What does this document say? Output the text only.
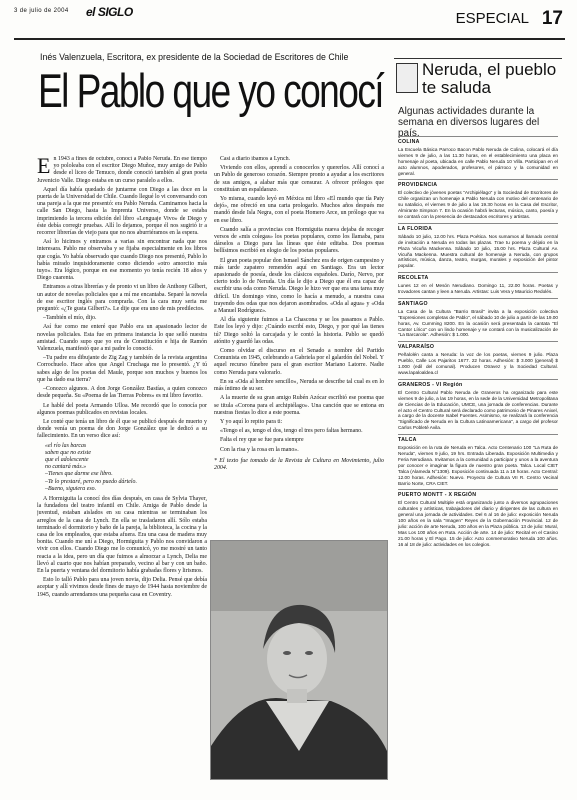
3 de julio de 2004 el SIGLO	ESPECIAL 17
Inés Valenzuela, Escritora, ex presidente de la Sociedad de Escritores de Chile
El Pablo que yo conocí

En 1943 a fines de octubre, conocí a Pablo Neruda. En ese tiempo yo pololeaba con el escritor Diego Muñoz, muy amigo de Pablo desde el liceo de Temuco, donde conoció también al gran poeta Juvenicio Valle. Diego estaba en un curso paralelo a ellos.

Aquel día había quedado de juntarme con Diego a las doce en la puerta de la Universidad de Chile. Cuando llegué lo vi conversando con una pareja a la que me presentó: era Pablo Neruda. Caminamos hacia la calle San Diego, hasta la Imprenta Universo, donde se estaba imprimiendo la tercera edición del libro «Lenguaje Vivo» de Diego y éste debía corregir pruebas. Allí lo dejamos, porque él nos sugirió ir a recorrer librerías de viejo para que no nos aburriéramos en la espera.

Así lo hicimos y entramos a varias sin encontrar nada que nos interesara. Pablo me observaba y se fijaba especialmente en los libros que cogía. Yo había observado que cuando Diego nos presentó, Pablo lo había mirado inquisidoramente como diciendo «otro amorcito más tuyo». Era lógico, porque en ese momento yo tenía recién 18 años y Diego cuarenta.

Entramos a otras librerías y de pronto vi un libro de Anthony Gilbert, un autor de novelas policiales que a mí me encantaba. Separé la novela de ese escritor inglés para comprarla. Con la cara muy seria me preguntó: «¿Te gusta Gilbert?». Le dije que era uno de mis predilectos.

–También el mío, dijo.

Así fue como me enteré que Pablo era un apasionado lector de novelas policiales. Esta fue en primera instancia lo que selló nuestra amistad. Cuando supo que yo era de Constitución e hija de Ramón Valenzuela, manifestó que a mi padre lo conoció.

–Tu padre era dibujante de Zig Zag y también de la revista argentina Corrochuelo. Hace años que Angel Cruchaga me lo presentó. ¿Y tú sabes algo de los poetas del Maule, porque son muchos y buenos los que ha dado esa tierra?

–Conozco algunos. A don Jorge González Bastías, a quien conozco desde pequeña. Su «Poema de las Tierras Pobres» es mi libro favorito.

Le hablé del poeta Armando Ulloa. Me recordó que lo conocía por algunos poemas publicados en revistas locales.

Le conté que tenía un libro de él que se publicó después de muerto y donde venía un poema de don Jorge González que le dedicó a su fallecimiento. En un verso dice así:

«el río las barcas
saben que no existe
que el adolescente
no cantará más.»
–Tienes que darme ese libro.
–Te lo prestaré, pero no puedo dártelo.
–Bueno, siguiera eso.

A Hormiguita la conocí dos días después, en casa de Sylvia Thayer, la fundadora del teatro infantil en Chile. Amiga de Pablo desde la juventud, estaban aislados en su casa mientras se terminaban los arreglos de la casa de Lynch. En ella se trasladaron allí. Sólo estaba terminado el dormitorio y baño de la pareja, la biblioteca, la cocina y la casa de los empleados, que estaba afuera. Era una casa de madera muy bonita. Cuando me uní a Diego, Hormiguita y Pablo nos convidaron a vivir con ellos. Cuando Diego me lo comunicó, yo me mostré un tanto reacia a la idea, pero un día que fuimos a almorzar a Lynch, Delia me llevó al cuarto que nos habían preparado, vecino al bar y con un baño. En la puerta y ventana del dormitorio había grabadas flores y lirismos.

Esto lo talló Pablo para una joven novia, dijo Delia. Pensé que debía aceptar y allí vivimos desde fines de mayo de 1944 hasta noviembre de 1945, cuando arrendamos una pequeña casa en Coventry.

Casi a diario íbamos a Lynch.

Viviendo con ellos, aprendí a conocerlos y quererlos. Allí conocí a un Pablo de generoso corazón. Siempre pronto a ayudar a los escritores de sus amigos, a alabar más que censurar. A ofrecer prólogos que constituían un espaldarazo.

Yo misma, cuando leyó en Méxica mi libro «El mundo que tía Paty dejó», me ofreció en una carta prologarlo. Muchos años después me mandó desde Isla Negra, con el poeta Homero Arce, un prólogo que va en ese libro.

Cuando salía a provincias con Hormiguita nueva dejaba de recoger versos de «mis colegas» los poetas populares, como los llamaba, para dárselos a Diego para las líneas que éste editaba. Dos poemas bellísimos escribió en elogio de los poetas populares.

El gran poeta popular don Ismael Sánchez era de origen campesino y más tarde zapatero remendón aquí en Santiago. Era un lector apasionado de poesía, desde los clásicos españoles. Darío, Nervo, por cierto todo lo de Neruda. Un día le dijo a Diego que él era capaz de escribir una oda como Neruda. Diego le hizo ver que era una tarea muy difícil. Un domingo vino, como lo hacía a menudo, a nuestra casa trayendo dos odas que nos dejaron asombrados. «Oda al agua» y «Oda a Manuel Rodríguez».

Al día siguiente fuimos a La Chascona y se los pasamos a Pablo. Este los leyó y dijo: ¿Cuándo escribí esto, Diego, y por qué las tienes tú? Diego soltó la carcajada y le contó la historia. Pablo se quedó atónito y guardó las odas.

Como olvidar el discurso en el Senado a nombre del Partido Comunista en 1945, celebrando a Gabriela por el galardón del Nobel. Y aquel recurso fúnebre para el gran escritor Mariano Latorre. Nadie como Neruda para valorarlo.

En su «Oda al hombre sencillo», Neruda se describe tal cual es en lo más íntimo de su ser.

A la muerte de su gran amigo Rubén Azócar escribió ese poema que se titula «Corona para el archipiélago». Una canción que se entona en nuestras fiestas lo dice a este poema.

Y yo aquí lo repito para ti:

«Tengo el as, tengo el dos, tengo el tres pero faltas hermano.

Falta el rey que se fue para siempre

Con la risa y la rosa en la mano».

* El texto fue tomado de la Revista de Cultura en Movimiento, julio 2004.
Neruda, el pueblo te saluda
Algunas actividades durante la semana en diversos lugares del país.
COLINA
La Escuela Básica Parroco Bacon Pablo Neruda de Colina, colocará el día viernes 9 de julio, a las 11.30 horas, en el establecimiento una placa en homenaje al poeta, ubicada en calle Pablo Neruda 10 Villa. Participan en el acto alumnos, apoderados, profesores, el párroco y la comunidad en general.
PROVIDENCIA
El colectivo de jóvenes poetas "Archipiélago" y la Sociedad de Escritores de Chile organizan un homenaje a Pablo Neruda con motivo del centenario de su natalicio, el viernes 9 de julio a las 19.30 horas en la Casa del Escritor, Almirante Simpson 7. En la ocasión habrá lecturas, música, canto, poesía y se contará con la presencia de destacados escritores y artistas.
LA FLORIDA
Sábado 10 julio, 12.00 hrs. Plaza Poética. Nos sumamos al llamado central de invitación a Neruda en todas las plazas. Trae tu poema y déjalo en la Plaza Vicuña Mackenna. Sábado 10 julio, 15.00 hrs. Plaza Cultural Av. Vicuña Mackenna. Muestra cultural de homenaje a Neruda, con grupos artísticos, música, danza, teatro, murgas, murales y exposición del pintor popular.
RECOLETA
Lunes 12 en el Mesón Nerudiano. Domingo 11, 22.00 horas. Poetas y trovadores cantan y leen a Neruda. Artistas: Luis Vera y Mauricio Redolés.
SANTIAGO
La Casa de la Cultura "Barrio Brasil" invita a la exposición colectiva "Expresiones completas de Pablo", el sábado 10 de julio a partir de las 19.00 horas, Av. Cumming 8200. En la ocasión será presentada la cantata "El Cantor Lírico" con un lindo homenaje y se contará con la musicalización de "La Barcarola". Adhesión: $ 1.000.
VALPARAÍSO
Peñalolén canta a Neruda: la voz de los poetas, viernes 9 julio. Plaza Pueblo, Calle Los Pajaritos 1677. 22 horas. Adhesión: $ 3.000 (general) $ 1.000 (edil del comunal). Producen Otravez y la Sociedad Cultural. www.lapaloaldea.cl
GRANEROS - VI Región
El Centro Cultural Pablo Neruda de Graneros ha organizado para este viernes 9 de julio, a las 19 horas, en la sede de la Universidad Metropolitana de Ciencias de la Educación, UMCE, una jornada de conferencias. Durante el acto el Centro Cultural será declarado como patrimonio de Pinares Anixel, a cargo de la docente Isabel Fuentes. Asimismo, se realizará la conferencia "Significado de Neruda en la Cultura Latinoamericana", a cargo del profesor Carlos Pobleté Avila.
TALCA
Exposición en la ruta de Neruda en Talca. Acto Centenario 100 "La Ruta de Neruda", viernes 9 julio, 19 hrs. Entrada Liberada. Exposición Multimedia y Feria Nerudiana. Invitamos a la comunidad a participar y unos a la aventura por conocer e imaginar la figura de nuestro gran poeta. Talca. Local CIET Talca (Alameda N°1309). Exposición continuada 11 a 18 horas. Acto Central: 12.00 horas. Adhesión: Nuevo. Proyecto de Cultura VII R. Centro Vecinal Barrio Norte, CRA CIET.
PUERTO MONTT - X REGIÓN
El Centro Cultural Multiple está organizando junto a diversos agrupaciones culturales y artísticas, trabajadores del diario y dirigentes de las cultura en general una jornada de actividades. Del 6 al 16 de julio: exposición Neruda 100 años en la sala "Imagen" Reyes de la Gobernación Provincial. 12 de julio: acción de arte Neruda, 100 años en la Plaza pública. 13 de julio: Mural, Mas Los 100 años en Ruta. Acción de arte. 14 de julio: Recital en el Casino 21.00 horas y El Pago. 15 de julio: Acto conmemorativo Neruda 100 años. 16 al 18 de julio: actividades en los colegios.
